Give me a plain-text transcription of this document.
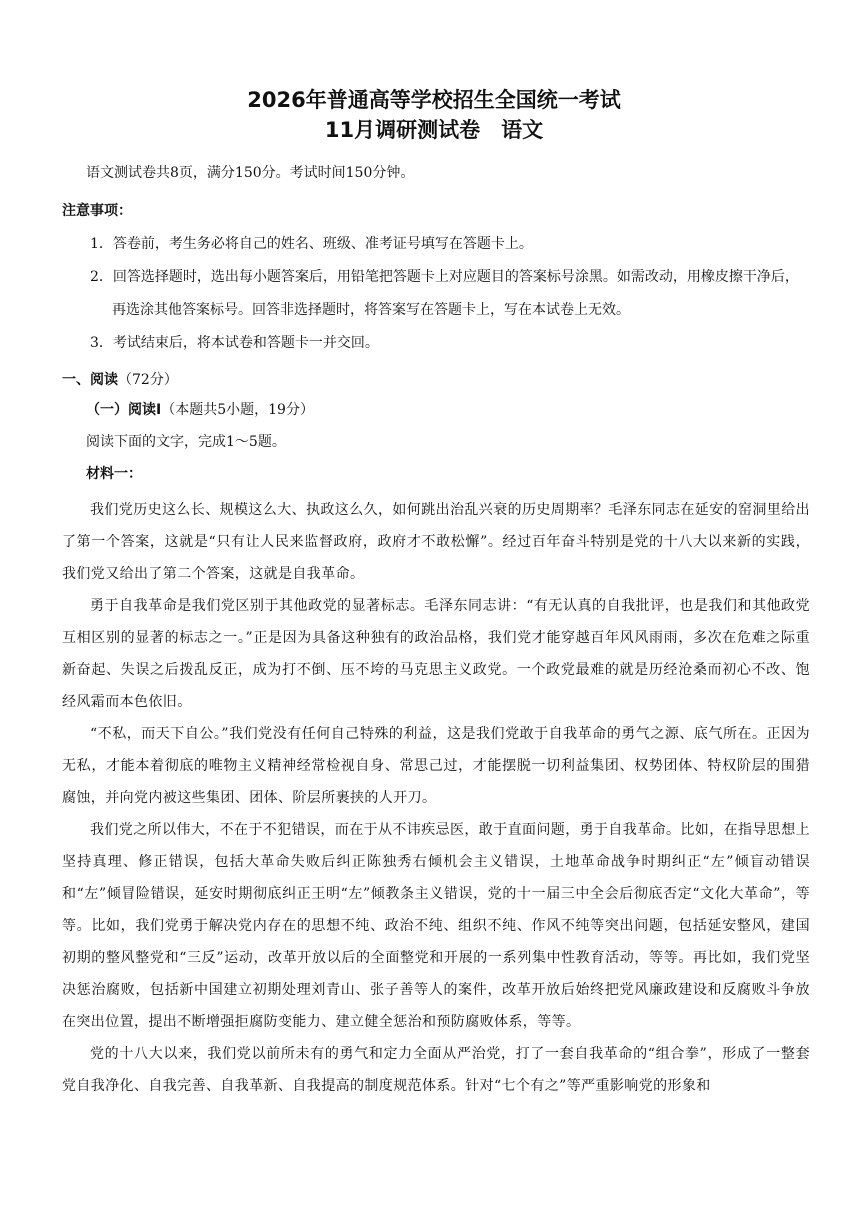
2026年普通高等学校招生全国统一考试
11月调研测试卷　语文

语文测试卷共8页，满分150分。考试时间150分钟。

注意事项：

1．答卷前，考生务必将自己的姓名、班级、准考证号填写在答题卡上。
2．回答选择题时，选出每小题答案后，用铅笔把答题卡上对应题目的答案标号涂黑。如需改动，用橡皮擦干净后，再选涂其他答案标号。回答非选择题时，将答案写在答题卡上，写在本试卷上无效。
3．考试结束后，将本试卷和答题卡一并交回。

一、阅读（72分）

（一）阅读Ⅰ（本题共5小题，19分）

阅读下面的文字，完成1～5题。

材料一：

我们党历史这么长、规模这么大、执政这么久，如何跳出治乱兴衰的历史周期率？毛泽东同志在延安的窑洞里给出了第一个答案，这就是“只有让人民来监督政府，政府才不敢松懈”。经过百年奋斗特别是党的十八大以来新的实践，我们党又给出了第二个答案，这就是自我革命。

勇于自我革命是我们党区别于其他政党的显著标志。毛泽东同志讲：“有无认真的自我批评，也是我们和其他政党互相区别的显著的标志之一。”正是因为具备这种独有的政治品格，我们党才能穿越百年风风雨雨，多次在危难之际重新奋起、失误之后拨乱反正，成为打不倒、压不垮的马克思主义政党。一个政党最难的就是历经沧桑而初心不改、饱经风霜而本色依旧。

“不私，而天下自公。”我们党没有任何自己特殊的利益，这是我们党敢于自我革命的勇气之源、底气所在。正因为无私，才能本着彻底的唯物主义精神经常检视自身、常思己过，才能摆脱一切利益集团、权势团体、特权阶层的围猎腐蚀，并向党内被这些集团、团体、阶层所裹挟的人开刀。

我们党之所以伟大，不在于不犯错误，而在于从不讳疾忌医，敢于直面问题，勇于自我革命。比如，在指导思想上坚持真理、修正错误，包括大革命失败后纠正陈独秀右倾机会主义错误，土地革命战争时期纠正“左”倾盲动错误和“左”倾冒险错误，延安时期彻底纠正王明“左”倾教条主义错误，党的十一届三中全会后彻底否定“文化大革命”，等等。比如，我们党勇于解决党内存在的思想不纯、政治不纯、组织不纯、作风不纯等突出问题，包括延安整风，建国初期的整风整党和“三反”运动，改革开放以后的全面整党和开展的一系列集中性教育活动，等等。再比如，我们党坚决惩治腐败，包括新中国建立初期处理刘青山、张子善等人的案件，改革开放后始终把党风廉政建设和反腐败斗争放在突出位置，提出不断增强拒腐防变能力、建立健全惩治和预防腐败体系，等等。

党的十八大以来，我们党以前所未有的勇气和定力全面从严治党，打了一套自我革命的“组合拳”，形成了一整套党自我净化、自我完善、自我革新、自我提高的制度规范体系。针对“七个有之”等严重影响党的形象和
